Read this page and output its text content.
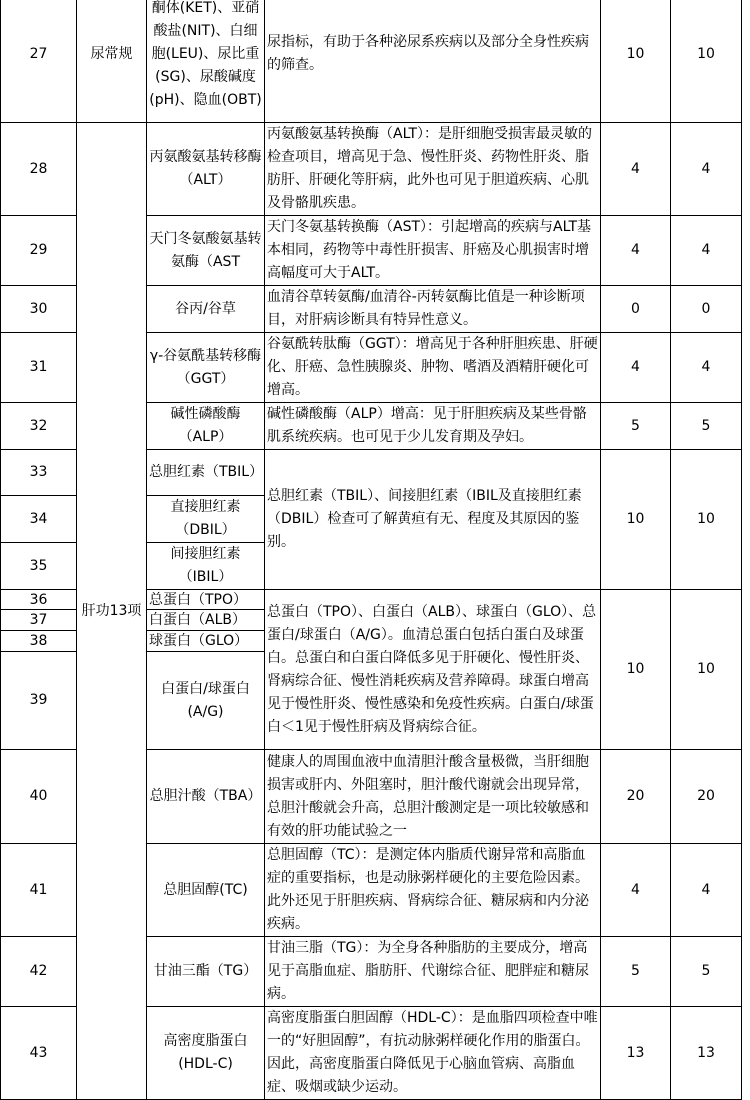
27	尿常规	酮体(KET)、亚硝酸盐(NIT)、白细胞(LEU)、尿比重(SG)、尿酸碱度(pH)、隐血(OBT)	尿指标，有助于各种泌尿系疾病以及部分全身性疾病的筛查。	10	10
28	肝功13项	丙氨酸氨基转移酶（ALT）	丙氨酸氨基转换酶（ALT）：是肝细胞受损害最灵敏的检查项目，增高见于急、慢性肝炎、药物性肝炎、脂肪肝、肝硬化等肝病，此外也可见于胆道疾病、心肌及骨骼肌疾患。	4	4
29		天门冬氨酸氨基转氨酶（AST	天门冬氨基转换酶（AST）：引起增高的疾病与ALT基本相同，药物等中毒性肝损害、肝癌及心肌损害时增高幅度可大于ALT。	4	4
30		谷丙/谷草	血清谷草转氨酶/血清谷-丙转氨酶比值是一种诊断项目，对肝病诊断具有特异性意义。	0	0
31		γ-谷氨酰基转移酶（GGT）	谷氨酰转肽酶（GGT）：增高见于各种肝胆疾患、肝硬化、肝癌、急性胰腺炎、肿物、嗜酒及酒精肝硬化可增高。	4	4
32		碱性磷酸酶（ALP）	碱性磷酸酶（ALP）增高：见于肝胆疾病及某些骨骼肌系统疾病。也可见于少儿发育期及孕妇。	5	5
33		总胆红素（TBIL）	总胆红素（TBIL）、间接胆红素（IBIL及直接胆红素（DBIL）检查可了解黄疸有无、程度及其原因的鉴别。	10	10
34		直接胆红素（DBIL）			
35		间接胆红素（IBIL）			
36		总蛋白（TPO）	总蛋白（TPO）、白蛋白（ALB）、球蛋白（GLO）、总蛋白/球蛋白（A/G）。血清总蛋白包括白蛋白及球蛋白。总蛋白和白蛋白降低多见于肝硬化、慢性肝炎、肾病综合征、慢性消耗疾病及营养障碍。球蛋白增高见于慢性肝炎、慢性感染和免疫性疾病。白蛋白/球蛋白＜1见于慢性肝病及肾病综合征。	10	10
37		白蛋白（ALB）			
38		球蛋白（GLO）			
39		白蛋白/球蛋白(A/G)			
40		总胆汁酸（TBA）	健康人的周围血液中血清胆汁酸含量极微，当肝细胞损害或肝内、外阻塞时，胆汁酸代谢就会出现异常，总胆汁酸就会升高，总胆汁酸测定是一项比较敏感和有效的肝功能试验之一	20	20
41		总胆固醇(TC)	总胆固醇（TC）：是测定体内脂质代谢异常和高脂血症的重要指标，也是动脉粥样硬化的主要危险因素。此外还见于肝胆疾病、肾病综合征、糖尿病和内分泌疾病。	4	4
42		甘油三酯（TG）	甘油三脂（TG）：为全身各种脂肪的主要成分，增高见于高脂血症、脂肪肝、代谢综合征、肥胖症和糖尿病。	5	5
43		高密度脂蛋白(HDL-C)	高密度脂蛋白胆固醇（HDL-C）：是血脂四项检查中唯一的“好胆固醇”，有抗动脉粥样硬化作用的脂蛋白。因此，高密度脂蛋白降低见于心脑血管病、高脂血症、吸烟或缺少运动。	13	13
